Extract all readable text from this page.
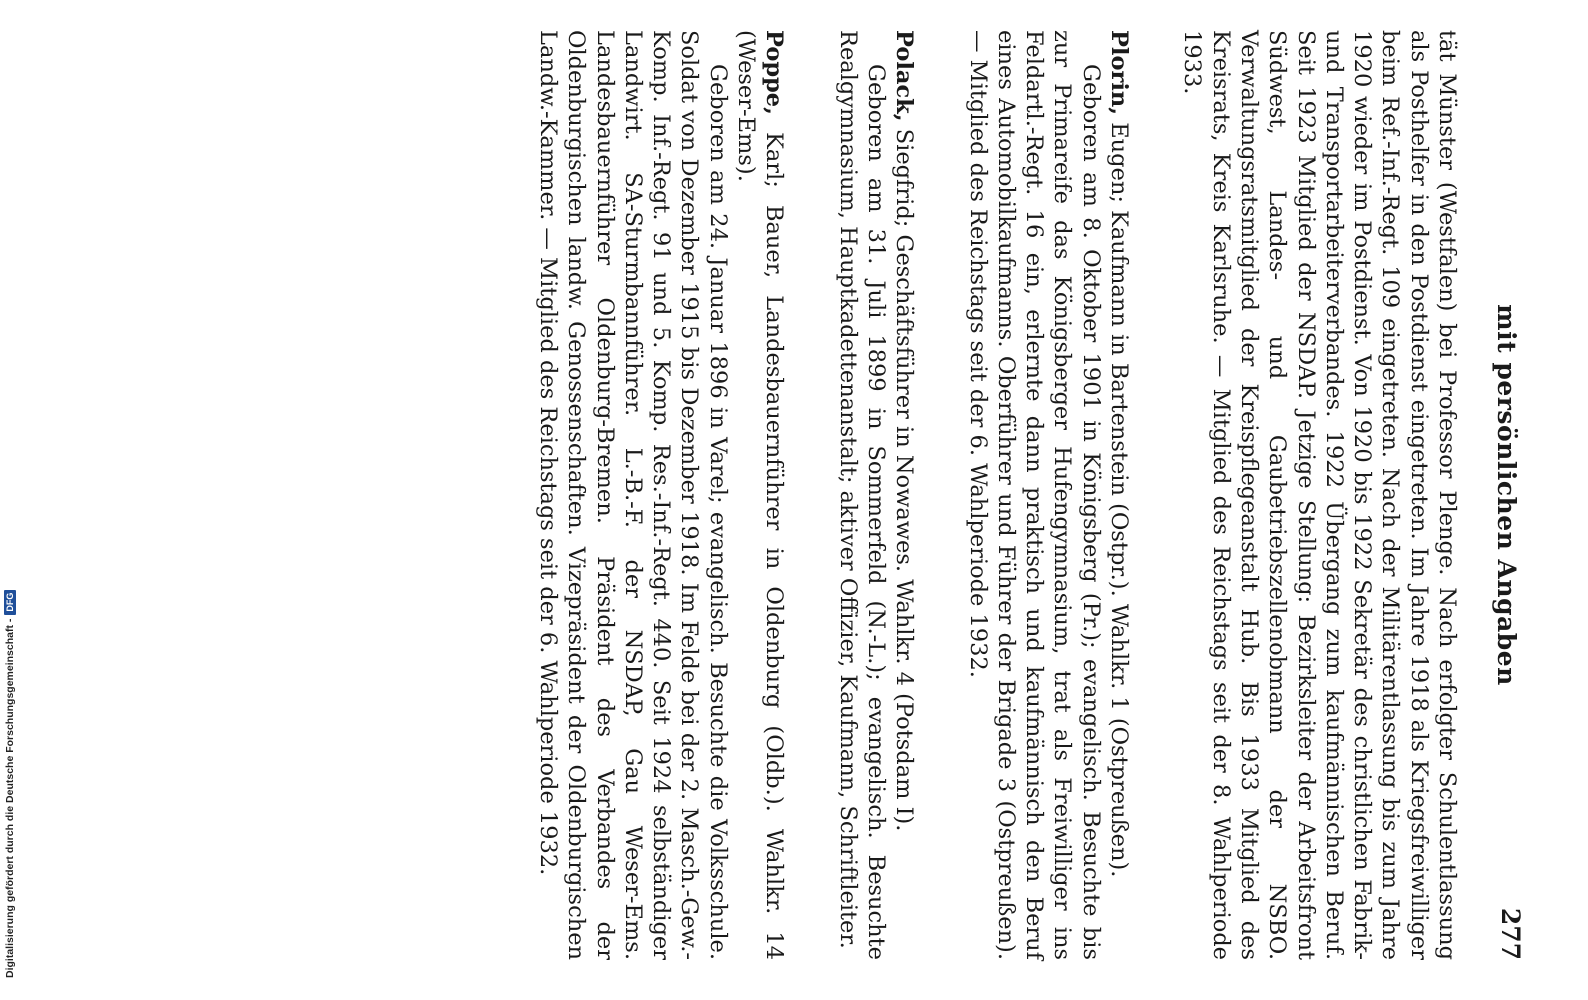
mit persönlichen Angaben
277

tät Münster (Westfalen) bei Professor Plenge. Nach erfolgter Schulentlassung als Posthelfer in den Postdienst eingetreten. Im Jahre 1918 als Kriegsfreiwilliger beim Ref.-Inf.-Regt. 109 eingetreten. Nach der Militärentlassung bis zum Jahre 1920 wieder im Postdienst. Von 1920 bis 1922 Sekretär des christlichen Fabrik- und Transportarbeiterverbandes. 1922 Übergang zum kaufmännischen Beruf. Seit 1923 Mitglied der NSDAP. Jetzige Stellung: Bezirksleiter der Arbeitsfront Südwest, Landes- und Gaubetriebszellenobmann der NSBO. Verwaltungsratsmitglied der Kreispflegeanstalt Hub. Bis 1933 Mitglied des Kreisrats, Kreis Karlsruhe. — Mitglied des Reichstags seit der 8. Wahlperiode 1933.

Plorin, Eugen; Kaufmann in Bartenstein (Ostpr.). Wahlkr. 1 (Ostpreußen).

Geboren am 8. Oktober 1901 in Königsberg (Pr.); evangelisch. Besuchte bis zur Primareife das Königsberger Hufengymnasium, trat als Freiwilliger ins Feldartl.-Regt. 16 ein, erlernte dann praktisch und kaufmännisch den Beruf eines Automobilkaufmanns. Oberführer und Führer der Brigade 3 (Ostpreußen). — Mitglied des Reichstags seit der 6. Wahlperiode 1932.

Polack, Siegfrid; Geschäftsführer in Nowawes. Wahlkr. 4 (Potsdam I).

Geboren am 31. Juli 1899 in Sommerfeld (N.-L.); evangelisch. Besuchte Realgymnasium, Hauptkadettenanstalt; aktiver Offizier, Kaufmann, Schriftleiter.

Poppe, Karl; Bauer, Landesbauernführer in Oldenburg (Oldb.). Wahlkr. 14 (Weser-Ems).

Geboren am 24. Januar 1896 in Varel; evangelisch. Besuchte die Volksschule. Soldat von Dezember 1915 bis Dezember 1918. Im Felde bei der 2. Masch.-Gew.-Komp. Inf.-Regt. 91 und 5. Komp. Res.-Inf.-Regt. 440. Seit 1924 selbständiger Landwirt. SA-Sturmbannführer. L.-B.-F. der NSDAP, Gau Weser-Ems. Landesbauernführer Oldenburg-Bremen. Präsident des Verbandes der Oldenburgischen landw. Genossenschaften. Vizepräsident der Oldenburgischen Landw.-Kammer. — Mitglied des Reichstags seit der 6. Wahlperiode 1932.

Digitalisierung gefördert durch die Deutsche Forschungsgemeinschaft -
DFG
